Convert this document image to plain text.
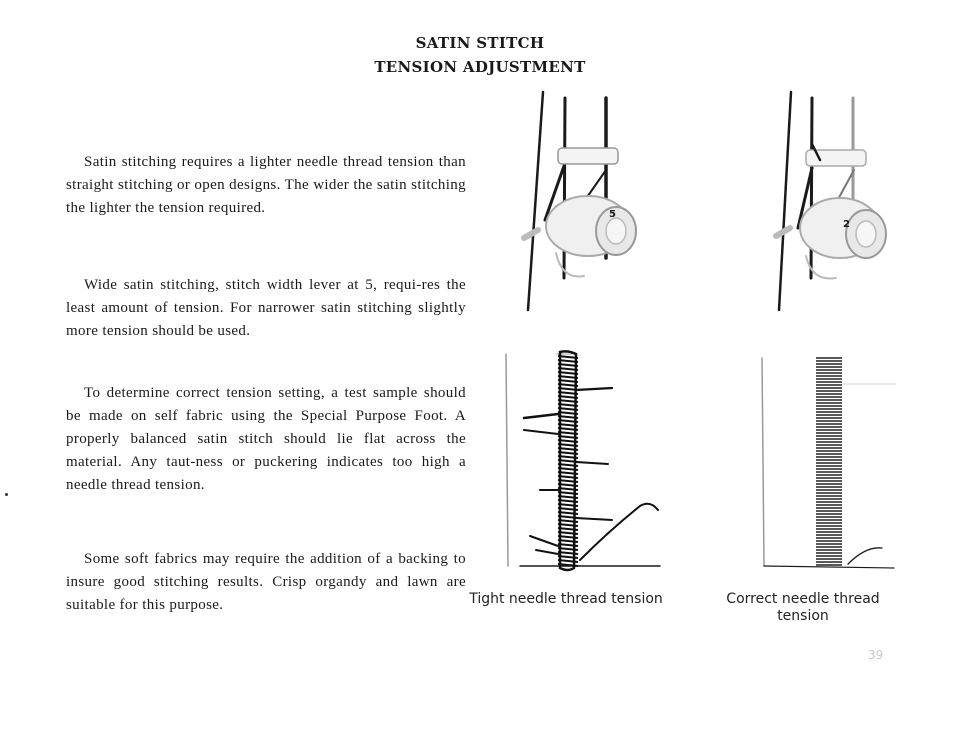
SATIN STITCH
TENSION ADJUSTMENT

Satin stitching requires a lighter needle thread tension than straight stitching or open designs. The wider the satin stitching the lighter the tension required.

Wide satin stitching, stitch width lever at 5, requi-res the least amount of tension. For narrower satin stitching slightly more tension should be used.

To determine correct tension setting, a test sample should be made on self fabric using the Special Purpose Foot. A properly balanced satin stitch should lie flat across the material. Any taut-ness or puckering indicates too high a needle thread tension.

Some soft fabrics may require the addition of a backing to insure good stitching results. Crisp organdy and lawn are suitable for this purpose.

5
2
Tight needle thread tension	Correct needle thread tension
39
